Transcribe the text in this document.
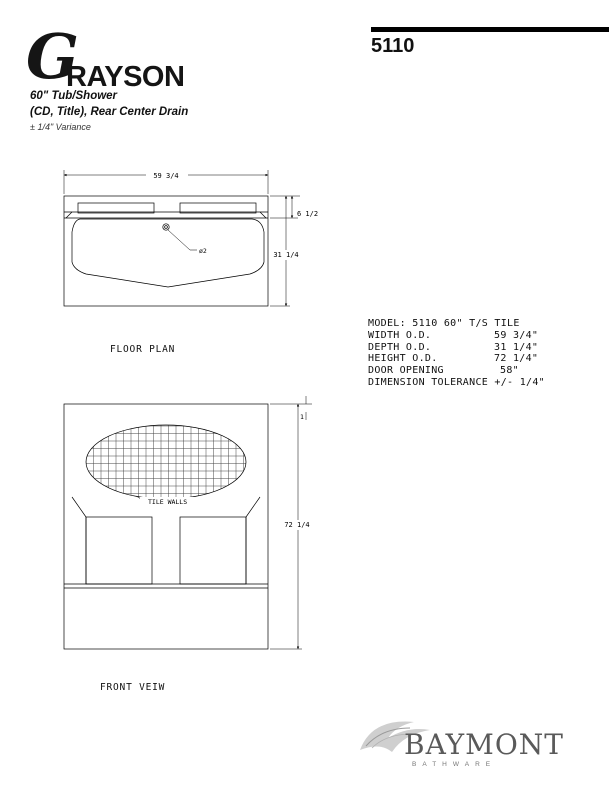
G
RAYSON
60" Tub/Shower
(CD, Title), Rear Center Drain
± 1/4" Variance
5110
59 3/4
6 1/2
31 1/4
ø2
TILE WALLS
1
72 1/4
FLOOR PLAN
FRONT VEIW
MODEL: 5110 60" T/S TILE
WIDTH O.D.	59 3/4"
DEPTH O.D.	31 1/4"
HEIGHT O.D.	72 1/4"
DOOR OPENING	58"
DIMENSION TOLERANCE +/- 1/4"
BAYMONT
BATHWARE
